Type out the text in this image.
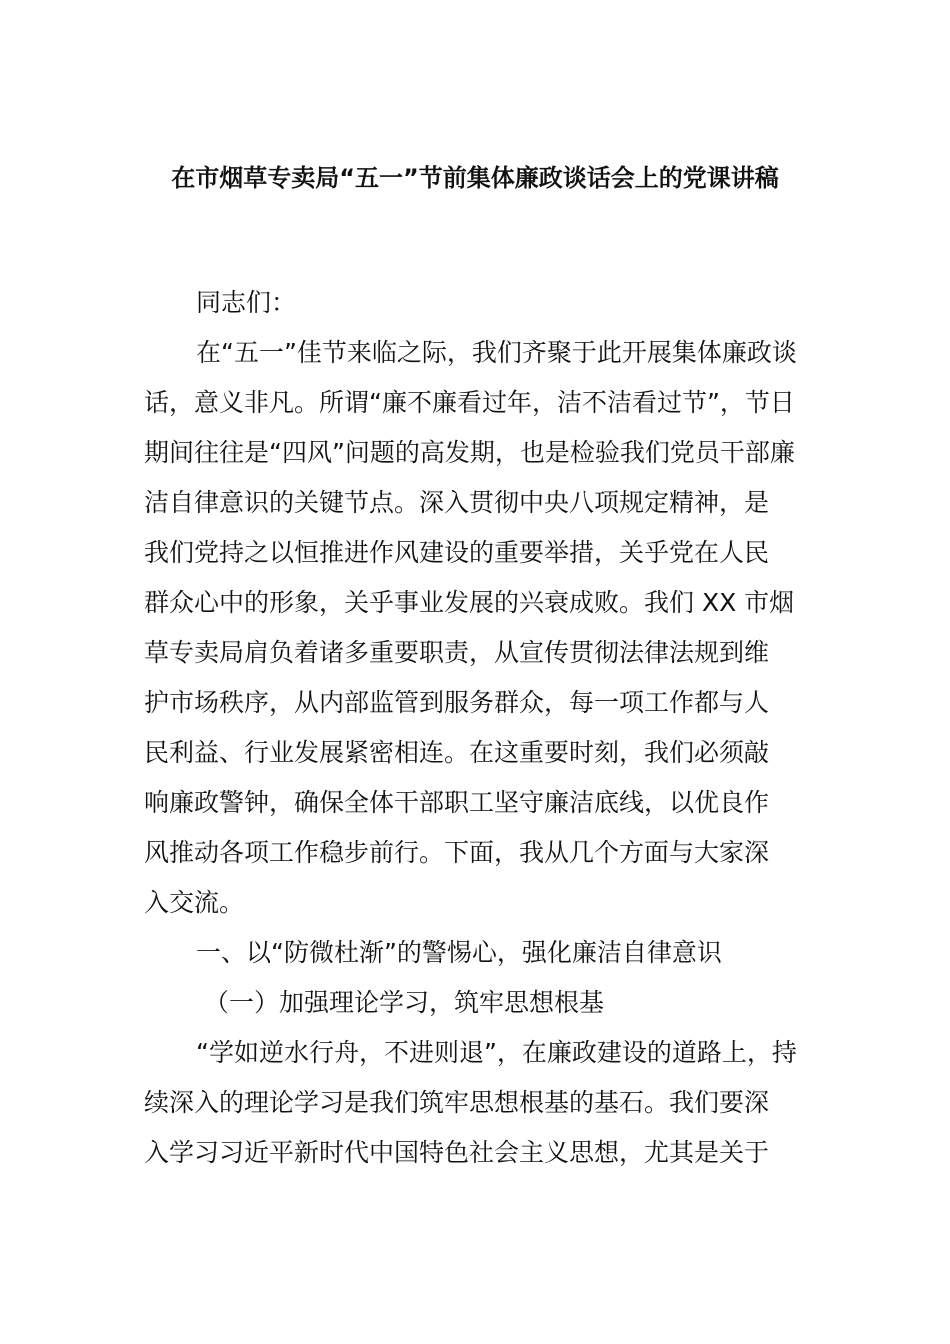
在市烟草专卖局“五一”节前集体廉政谈话会上的党课讲稿
同志们：
在“五一”佳节来临之际，我们齐聚于此开展集体廉政谈
话，意义非凡。所谓“廉不廉看过年，洁不洁看过节”，节日
期间往往是“四风”问题的高发期，也是检验我们党员干部廉
洁自律意识的关键节点。深入贯彻中央八项规定精神，是
我们党持之以恒推进作风建设的重要举措，关乎党在人民
群众心中的形象，关乎事业发展的兴衰成败。我们 XX 市烟
草专卖局肩负着诸多重要职责，从宣传贯彻法律法规到维
护市场秩序，从内部监管到服务群众，每一项工作都与人
民利益、行业发展紧密相连。在这重要时刻，我们必须敲
响廉政警钟，确保全体干部职工坚守廉洁底线，以优良作
风推动各项工作稳步前行。下面，我从几个方面与大家深
入交流。
一、以“防微杜渐”的警惕心，强化廉洁自律意识
（一）加强理论学习，筑牢思想根基
“学如逆水行舟，不进则退”，在廉政建设的道路上，持
续深入的理论学习是我们筑牢思想根基的基石。我们要深
入学习习近平新时代中国特色社会主义思想，尤其是关于
